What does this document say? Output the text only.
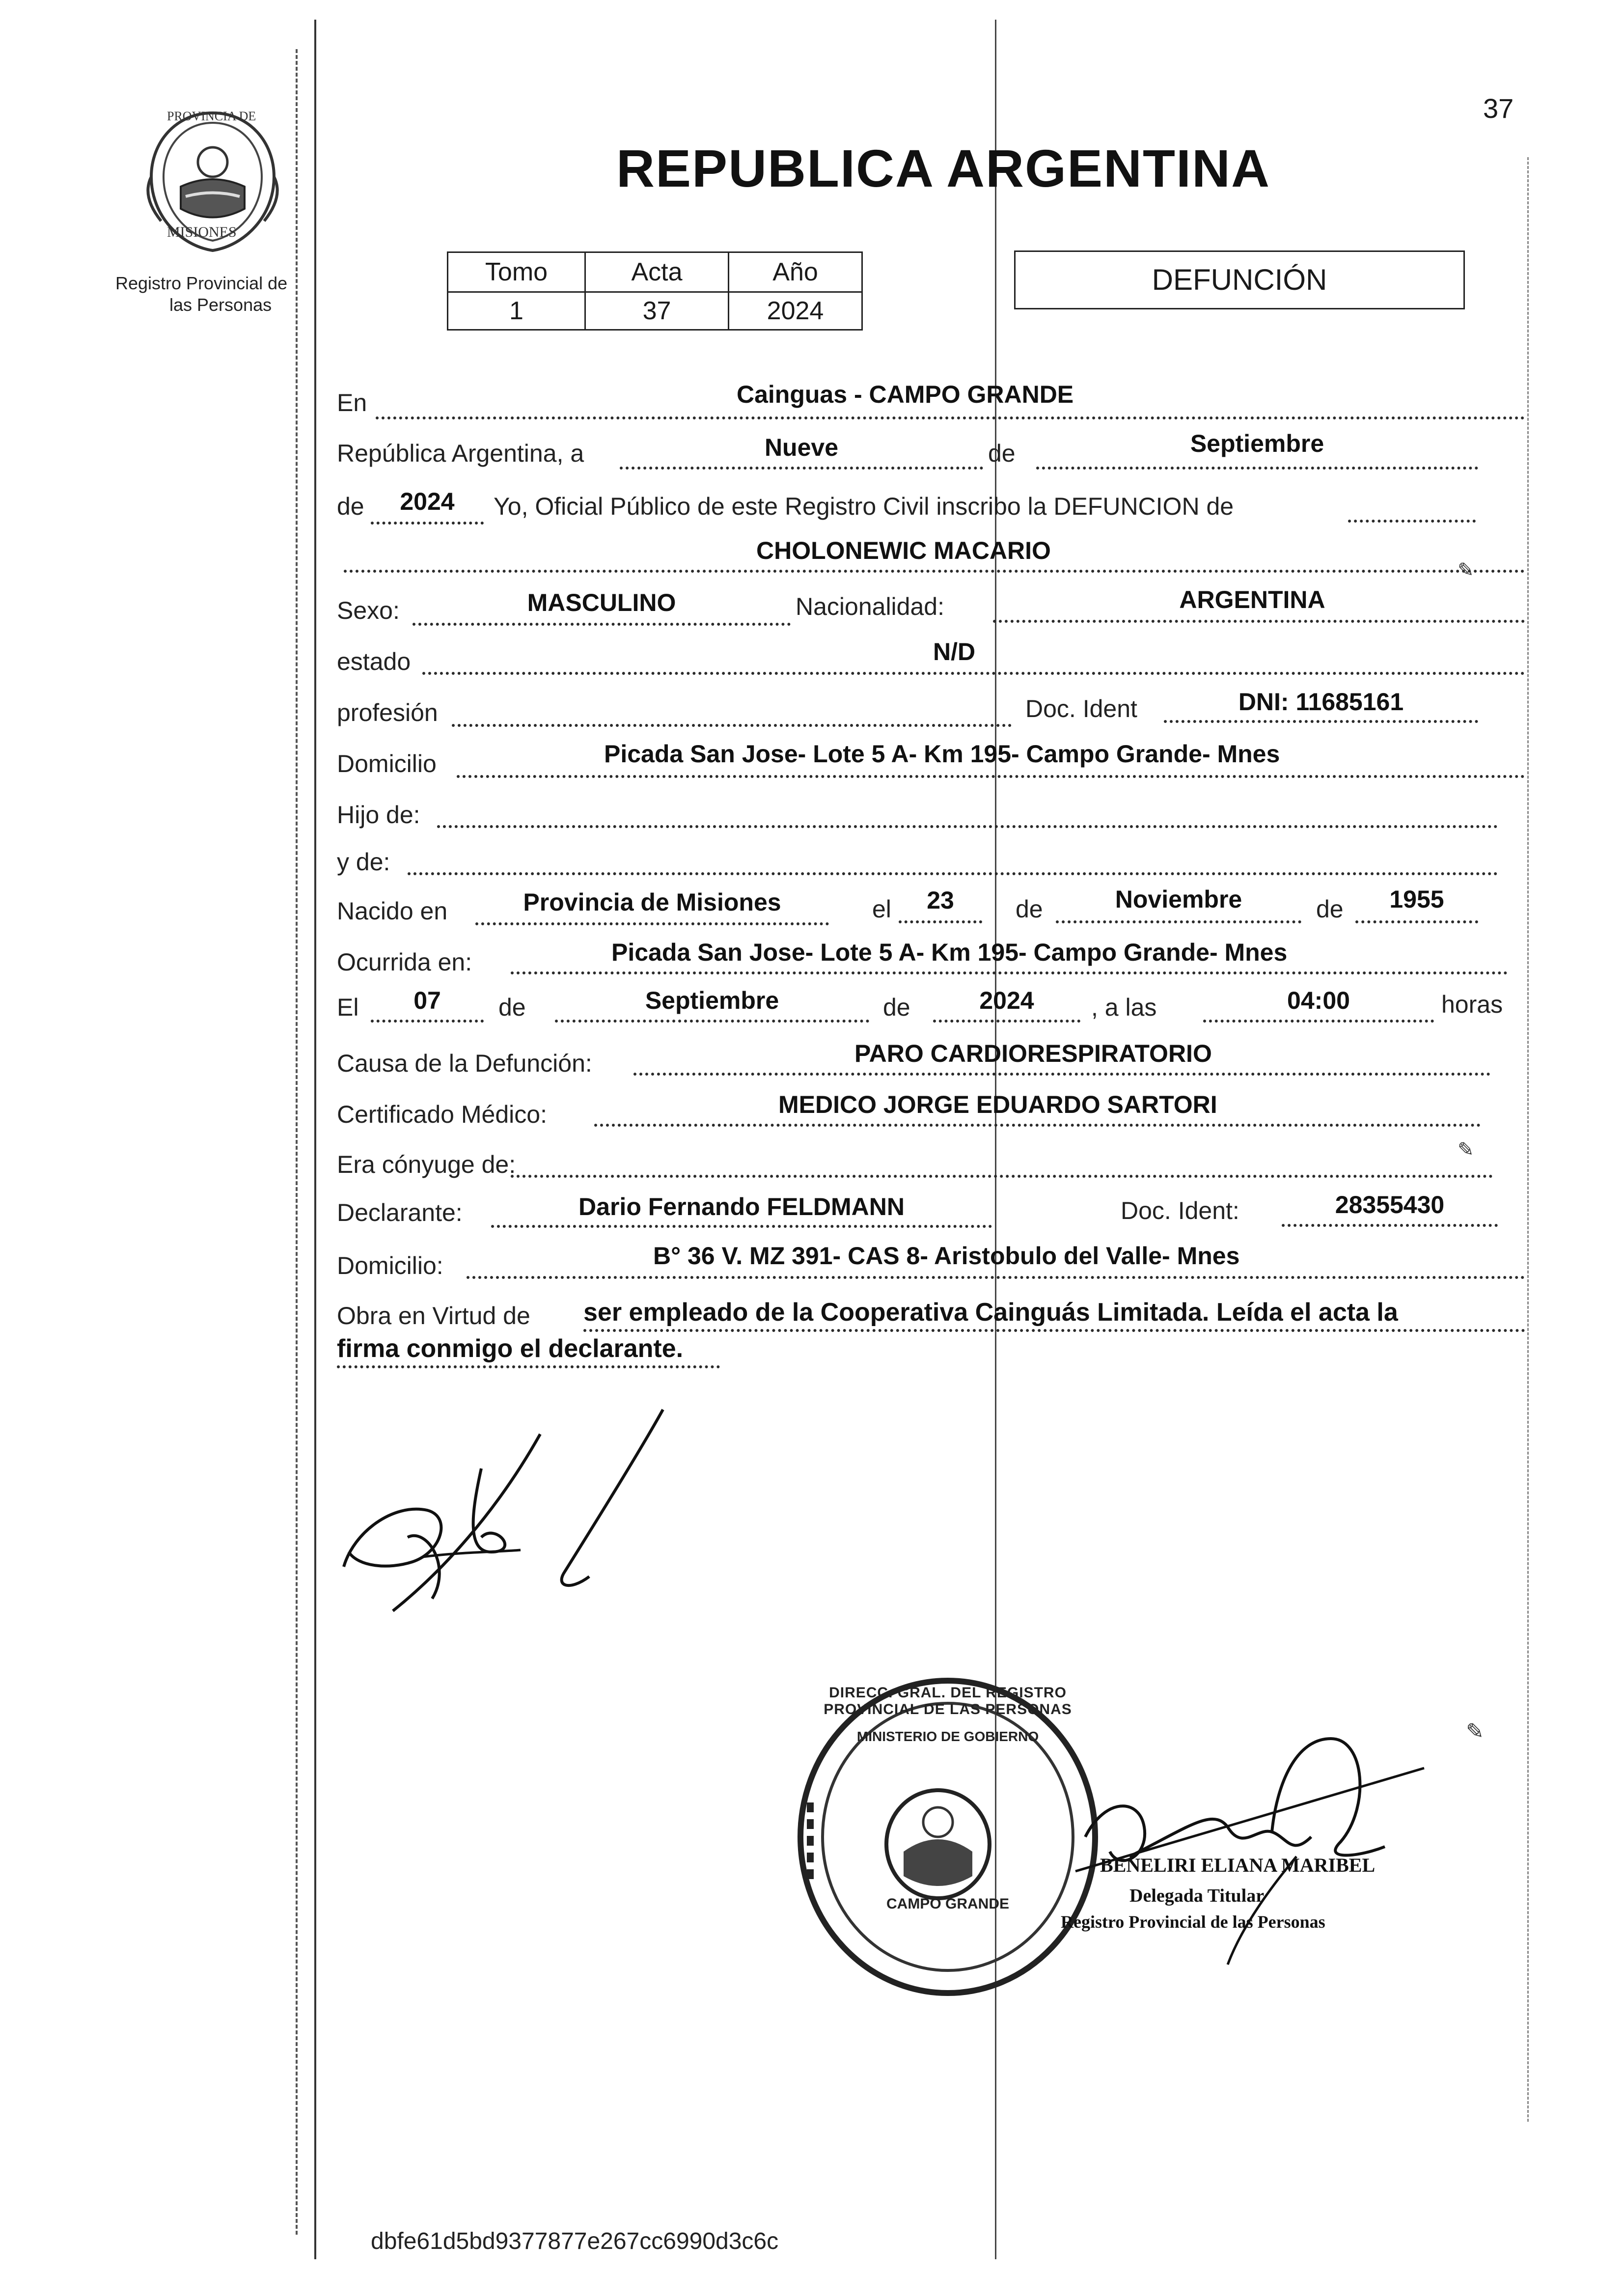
37
PROVINCIA DE
MISIONES
Registro Provincial de
las Personas
REPUBLICA ARGENTINA
Tomo	Acta	Año
1	37	2024
DEFUNCIÓN
En	Cainguas - CAMPO GRANDE
República Argentina, a	Nueve	de	Septiembre
de	2024	Yo, Oficial Público de este Registro Civil inscribo la DEFUNCION de
CHOLONEWIC MACARIO
Sexo:	MASCULINO	Nacionalidad:	ARGENTINA
estado	N/D
profesión	Doc. Ident	DNI: 11685161
Domicilio	Picada San Jose- Lote 5 A- Km 195- Campo Grande- Mnes
Hijo de:
y de:
Nacido en	Provincia de Misiones	el	23	de	Noviembre	de	1955
Ocurrida en:	Picada San Jose- Lote 5 A- Km 195- Campo Grande- Mnes
El	07	de	Septiembre	de	2024	, a las	04:00	horas
Causa de la Defunción:	PARO CARDIORESPIRATORIO
Certificado Médico:	MEDICO JORGE EDUARDO SARTORI
Era cónyuge de:
Declarante:	Dario Fernando FELDMANN	Doc. Ident:	28355430
Domicilio:	B° 36 V. MZ 391- CAS 8- Aristobulo del Valle- Mnes
Obra en Virtud de ser empleado de la Cooperativa Cainguás Limitada. Leída el acta la
firma conmigo el declarante.
DIRECC. GRAL. DEL REGISTRO PROVINCIAL DE LAS PERSONAS
MINISTERIO DE GOBIERNO
CAMPO GRANDE
BENELIRI ELIANA MARIBEL
Delegada Titular
Registro Provincial de las Personas
✎
✎
✎
dbfe61d5bd9377877e267cc6990d3c6c
